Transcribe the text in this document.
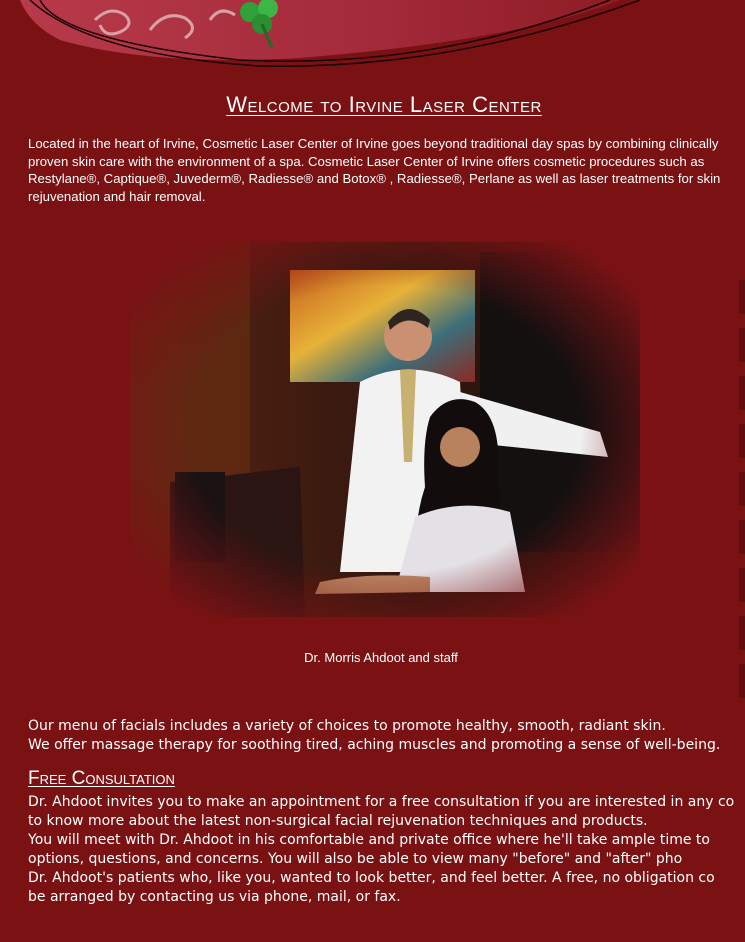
Welcome to Irvine Laser Center

Located in the heart of Irvine, Cosmetic Laser Center of Irvine goes beyond traditional day spas by combining clinically proven skin care with the environment of a spa. Cosmetic Laser Center of Irvine offers cosmetic procedures such as Restylane®, Captique®, Juvederm®, Radiesse® and Botox® , Radiesse®, Perlane as well as laser treatments for skin rejuvenation and hair removal.

Dr. Morris Ahdoot and staff
Our menu of facials includes a variety of choices to promote healthy, smooth, radiant skin.
We offer massage therapy for soothing tired, aching muscles and promoting a sense of well-being.
Free Consultation
Dr. Ahdoot invites you to make an appointment for a free consultation if you are interested in any co
to know more about the latest non-surgical facial rejuvenation techniques and products.
You will meet with Dr. Ahdoot in his comfortable and private office where he'll take ample time to
options, questions, and concerns. You will also be able to view many "before" and "after" pho
Dr. Ahdoot's patients who, like you, wanted to look better, and feel better. A free, no obligation co
be arranged by contacting us via phone, mail, or fax.
